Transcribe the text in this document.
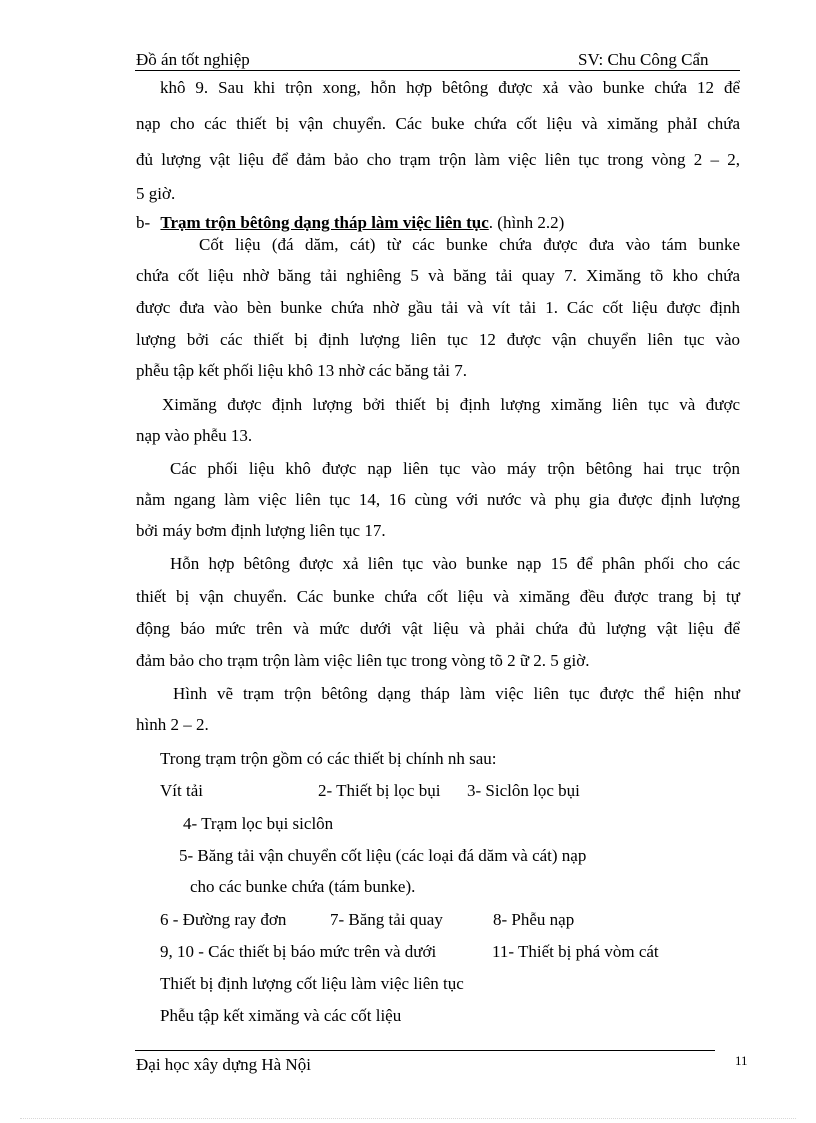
Đồ án tốt nghiệp	SV: Chu Công Cẩn
khô 9. Sau khi trộn xong, hỗn hợp bêtông được xả vào bunke chứa 12 để
nạp cho các thiết bị vận chuyển. Các buke chứa cốt liệu và ximăng phảI chứa
đủ lượng vật liệu để đảm bảo cho trạm trộn làm việc liên tục trong vòng 2 – 2,
5 giờ.
b- Trạm trộn bêtông dạng tháp làm việc liên tục. (hình 2.2)
Cốt liệu (đá dăm, cát) từ các bunke chứa được đưa vào tám bunke
chứa cốt liệu nhờ băng tải nghiêng 5 và băng tải quay 7. Ximăng tõ kho chứa
được đưa vào bèn bunke chứa nhờ gầu tải và vít tải 1. Các cốt liệu được định
lượng bởi các thiết bị định lượng liên tục 12 được vận chuyển liên tục vào
phễu tập kết phối liệu khô 13 nhờ các băng tải 7.
Ximăng được định lượng bởi thiết bị định lượng ximăng liên tục và được
nạp vào phễu 13.
Các phối liệu khô được nạp liên tục vào máy trộn bêtông hai trục trộn
nằm ngang làm việc liên tục 14, 16 cùng với nước và phụ gia được định lượng
bởi máy bơm định lượng liên tục 17.
Hỗn hợp bêtông được xả liên tục vào bunke nạp 15 để phân phối cho các
thiết bị vận chuyển. Các bunke chứa cốt liệu và ximăng đều được trang bị tự
động báo mức trên và mức dưới vật liệu và phải chứa đủ lượng vật liệu để
đảm bảo cho trạm trộn làm việc liên tục trong vòng tõ 2 ữ 2. 5 giờ.
Hình vẽ trạm trộn bêtông dạng tháp làm việc liên tục được thể hiện như
hình 2 – 2.
Trong trạm trộn gồm có các thiết bị chính nh sau:
Vít tải	2- Thiết bị lọc bụi 3- Siclôn lọc bụi
4- Trạm lọc bụi siclôn
5- Băng tải vận chuyển cốt liệu (các loại đá dăm và cát) nạp
cho các bunke chứa (tám bunke).
6 - Đường ray đơn	7- Băng tải quay	8- Phễu nạp
9, 10 - Các thiết bị báo mức trên và dưới	11- Thiết bị phá vòm cát
Thiết bị định lượng cốt liệu làm việc liên tục
Phễu tập kết ximăng và các cốt liệu
Đại học xây dựng Hà Nội	11
